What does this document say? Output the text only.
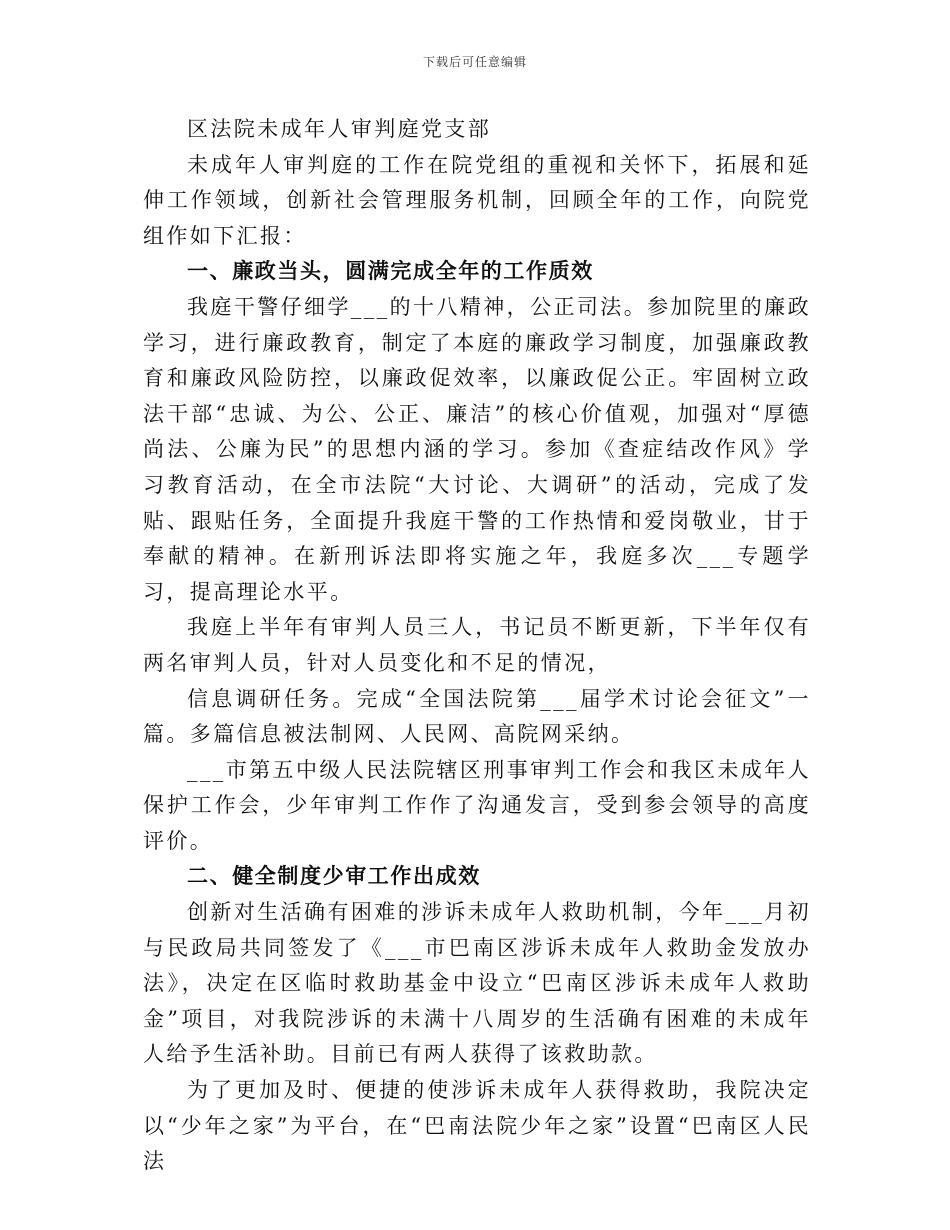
下载后可任意编辑

区法院未成年人审判庭党支部

未成年人审判庭的工作在院党组的重视和关怀下，拓展和延伸工作领域，创新社会管理服务机制，回顾全年的工作，向院党组作如下汇报：

一、廉政当头，圆满完成全年的工作质效

我庭干警仔细学___的十八精神，公正司法。参加院里的廉政学习，进行廉政教育，制定了本庭的廉政学习制度，加强廉政教育和廉政风险防控，以廉政促效率，以廉政促公正。牢固树立政法干部“忠诚、为公、公正、廉洁”的核心价值观，加强对“厚德尚法、公廉为民”的思想内涵的学习。参加《查症结改作风》学习教育活动，在全市法院“大讨论、大调研”的活动，完成了发贴、跟贴任务，全面提升我庭干警的工作热情和爱岗敬业，甘于奉献的精神。在新刑诉法即将实施之年，我庭多次___专题学习，提高理论水平。

我庭上半年有审判人员三人，书记员不断更新，下半年仅有两名审判人员，针对人员变化和不足的情况，

信息调研任务。完成“全国法院第___届学术讨论会征文”一篇。多篇信息被法制网、人民网、高院网采纳。

___市第五中级人民法院辖区刑事审判工作会和我区未成年人保护工作会，少年审判工作作了沟通发言，受到参会领导的高度评价。

二、健全制度少审工作出成效

创新对生活确有困难的涉诉未成年人救助机制，今年___月初与民政局共同签发了《___市巴南区涉诉未成年人救助金发放办法》，决定在区临时救助基金中设立“巴南区涉诉未成年人救助金”项目，对我院涉诉的未满十八周岁的生活确有困难的未成年人给予生活补助。目前已有两人获得了该救助款。

为了更加及时、便捷的使涉诉未成年人获得救助，我院决定以“少年之家”为平台，在“巴南法院少年之家”设置“巴南区人民法
